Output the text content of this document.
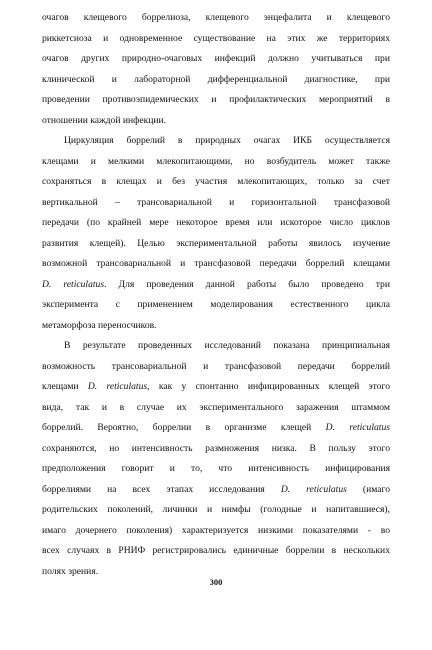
очагов клещевого боррелиоза, клещевого энцефалита и клещевого
риккетсиоза и одновременное существование на этих же территориях
очагов других природно-очаговых инфекций должно учитываться при
клинической и лабораторной дифференциальной диагностике, при
проведении противоэпидемических и профилактических мероприятий в
отношении каждой инфекции.
Циркуляция боррелий в природных очагах ИКБ осуществляется
клещами и мелкими млекопитающими, но возбудитель может также
сохраняться в клещах и без участия млекопитающих, только за счет
вертикальной – трансовариальной и горизонтальной трансфазовой
передачи (по крайней мере некоторое время или искоторое число циклов
развития клещей). Целью экспериментальной работы явилось изучение
возможной трансовариальной и трансфазовой передачи боррелий клещами
D. reticulatus. Для проведения данной работы было проведено три
эксперимента с применением моделирования естественного цикла
метаморфоза переносчиков.
В результате проведенных исследований показана принципиальная
возможность трансовариальной и трансфазовой передачи боррелий
клещами D. reticulatus, как у спонтанно инфицированных клещей этого
вида, так и в случае их экспериментального заражения штаммом
боррелий. Вероятно, боррелии в организме клещей D. reticulatus
сохраняются, но интенсивность размножения низка. В пользу этого
предположения говорит и то, что интенсивность инфицирования
боррелиями на всех этапах исследования D. reticulatus (имаго
родительских поколений, личинки и нимфы (голодные и напитавшиеся),
имаго дочернего поколения) характеризуется низкими показателями - во
всех случаях в РНИФ регистрировались единичные боррелии в нескольких
полях зрения.
300
